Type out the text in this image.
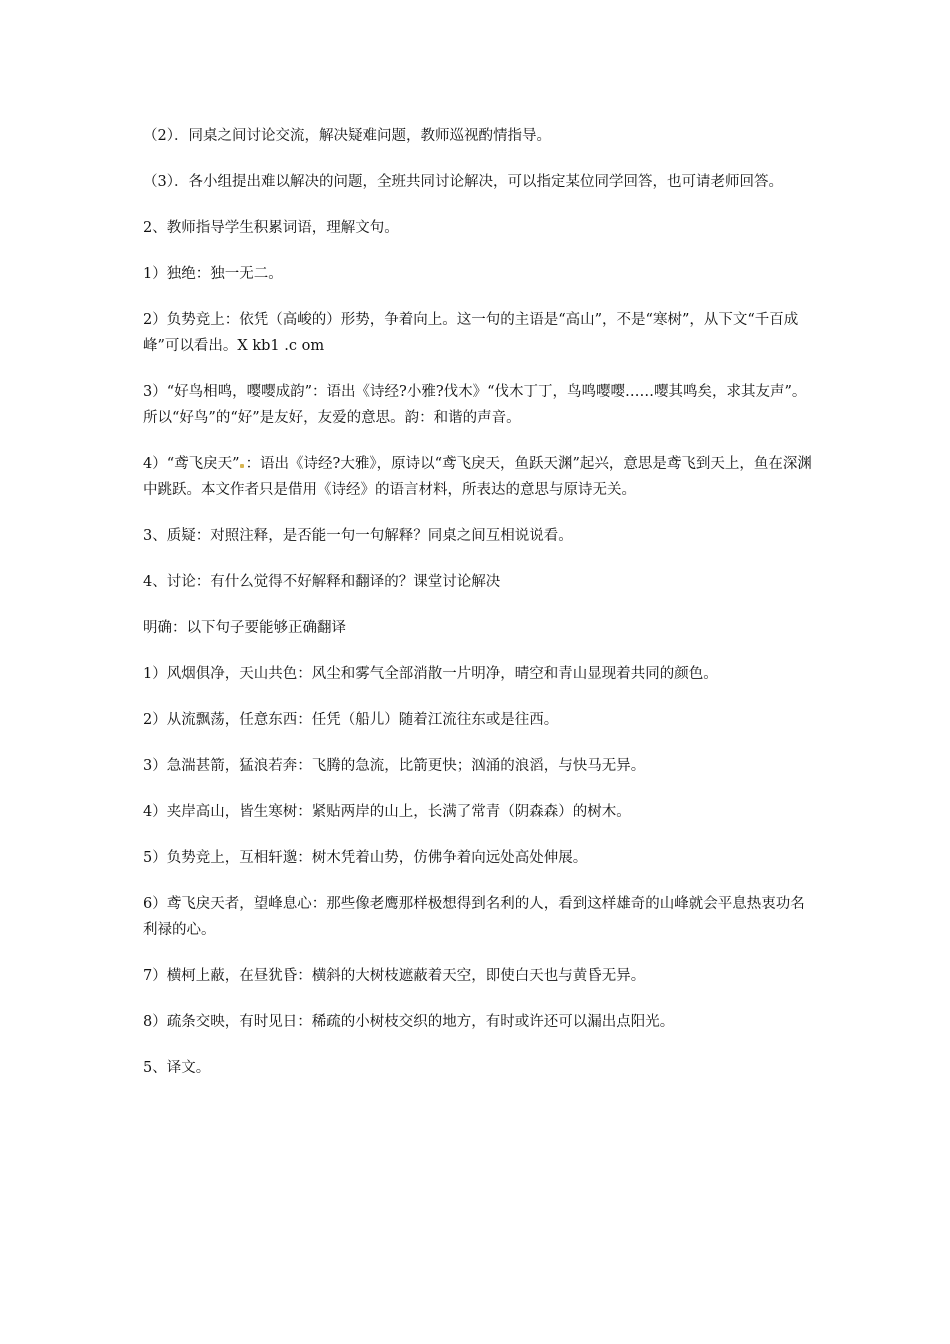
（2）．同桌之间讨论交流，解决疑难问题，教师巡视酌情指导。

（3）．各小组提出难以解决的问题，全班共同讨论解决，可以指定某位同学回答，也可请老师回答。

2、教师指导学生积累词语，理解文句。

1）独绝：独一无二。

2）负势竞上：依凭（高峻的）形势，争着向上。这一句的主语是“高山”，不是“寒树”，从下文“千百成峰”可以看出。X kb1 .c om

3）“好鸟相鸣，嘤嘤成韵”：语出《诗经?小雅?伐木》“伐木丁丁，鸟鸣嘤嘤……嘤其鸣矣，求其友声”。所以“好鸟”的“好”是友好，友爱的意思。韵：和谐的声音。

4）“鸢飞戾天” ：语出《诗经?大雅》，原诗以“鸢飞戾天，鱼跃天渊”起兴，意思是鸢飞到天上，鱼在深渊中跳跃。本文作者只是借用《诗经》的语言材料，所表达的意思与原诗无关。

3、质疑：对照注释，是否能一句一句解释？同桌之间互相说说看。

4、讨论：有什么觉得不好解释和翻译的？课堂讨论解决

明确：以下句子要能够正确翻译

1）风烟俱净，天山共色：风尘和雾气全部消散一片明净，晴空和青山显现着共同的颜色。

2）从流飘荡，任意东西：任凭（船儿）随着江流往东或是往西。

3）急湍甚箭，猛浪若奔：飞腾的急流，比箭更快；汹涌的浪滔，与快马无异。

4）夹岸高山，皆生寒树：紧贴两岸的山上，长满了常青（阴森森）的树木。

5）负势竞上，互相轩邈：树木凭着山势，仿佛争着向远处高处伸展。

6）鸢飞戾天者，望峰息心：那些像老鹰那样极想得到名利的人，看到这样雄奇的山峰就会平息热衷功名利禄的心。

7）横柯上蔽，在昼犹昏：横斜的大树枝遮蔽着天空，即使白天也与黄昏无异。

8）疏条交映，有时见日：稀疏的小树枝交织的地方，有时或许还可以漏出点阳光。

5、译文。
